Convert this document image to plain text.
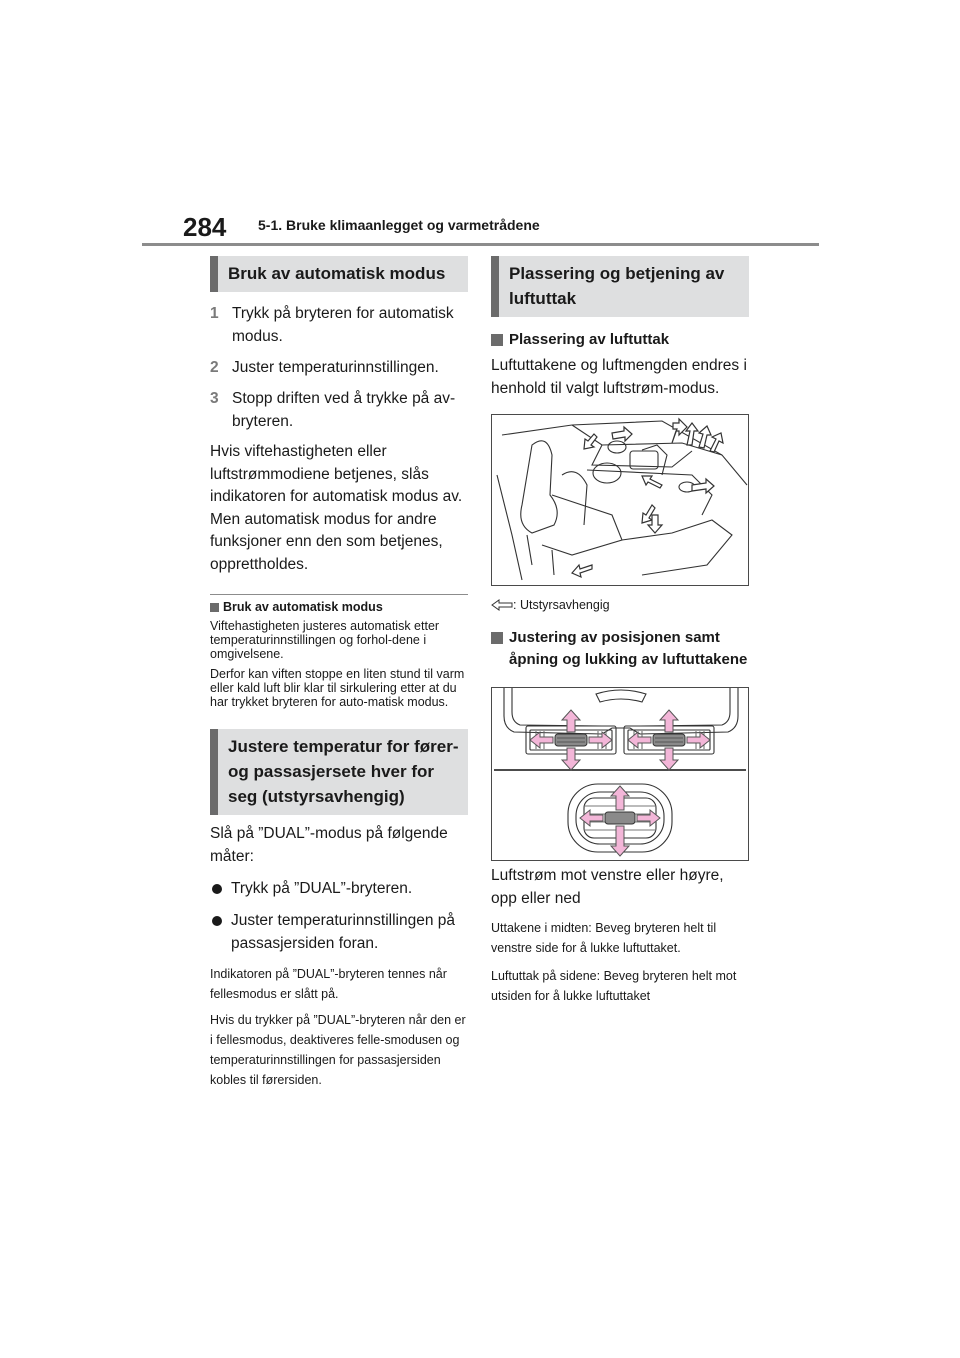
284 5-1. Bruke klimaanlegget og varmetrådene
Bruk av automatisk modus
1 Trykk på bryteren for automatisk modus.
2 Juster temperaturinnstillingen.
3 Stopp driften ved å trykke på av-bryteren.

Hvis viftehastigheten eller luftstrømmodiene betjenes, slås indikatoren for automatisk modus av. Men automatisk modus for andre funksjoner enn den som betjenes, opprettholdes.

Bruk av automatisk modus

Viftehastigheten justeres automatisk etter temperaturinnstillingen og forhol-dene i omgivelsene.

Derfor kan viften stoppe en liten stund til varm eller kald luft blir klar til sirkulering etter at du har trykket bryteren for auto-matisk modus.

Justere temperatur for fører- og passasjersete hver for seg (utstyrsavhengig)

Slå på ”DUAL”-modus på følgende måter:

Trykk på ”DUAL”-bryteren.
Juster temperaturinnstillingen på passasjersiden foran.

Indikatoren på ”DUAL”-bryteren tennes når fellesmodus er slått på.

Hvis du trykker på ”DUAL”-bryteren når den er i fellesmodus, deaktiveres felle-smodusen og temperaturinnstillingen for passasjersiden kobles til førersiden.

Plassering og betjening av luftuttak
Plassering av luftuttak

Luftuttakene og luftmengden endres i henhold til valgt luftstrøm-modus.

: Utstyrsavhengig
Justering av posisjonen samt åpning og lukking av luftuttakene

Luftstrøm mot venstre eller høyre, opp eller ned

Uttakene i midten: Beveg bryteren helt til venstre side for å lukke luftuttaket.

Luftuttak på sidene: Beveg bryteren helt mot utsiden for å lukke luftuttaket
